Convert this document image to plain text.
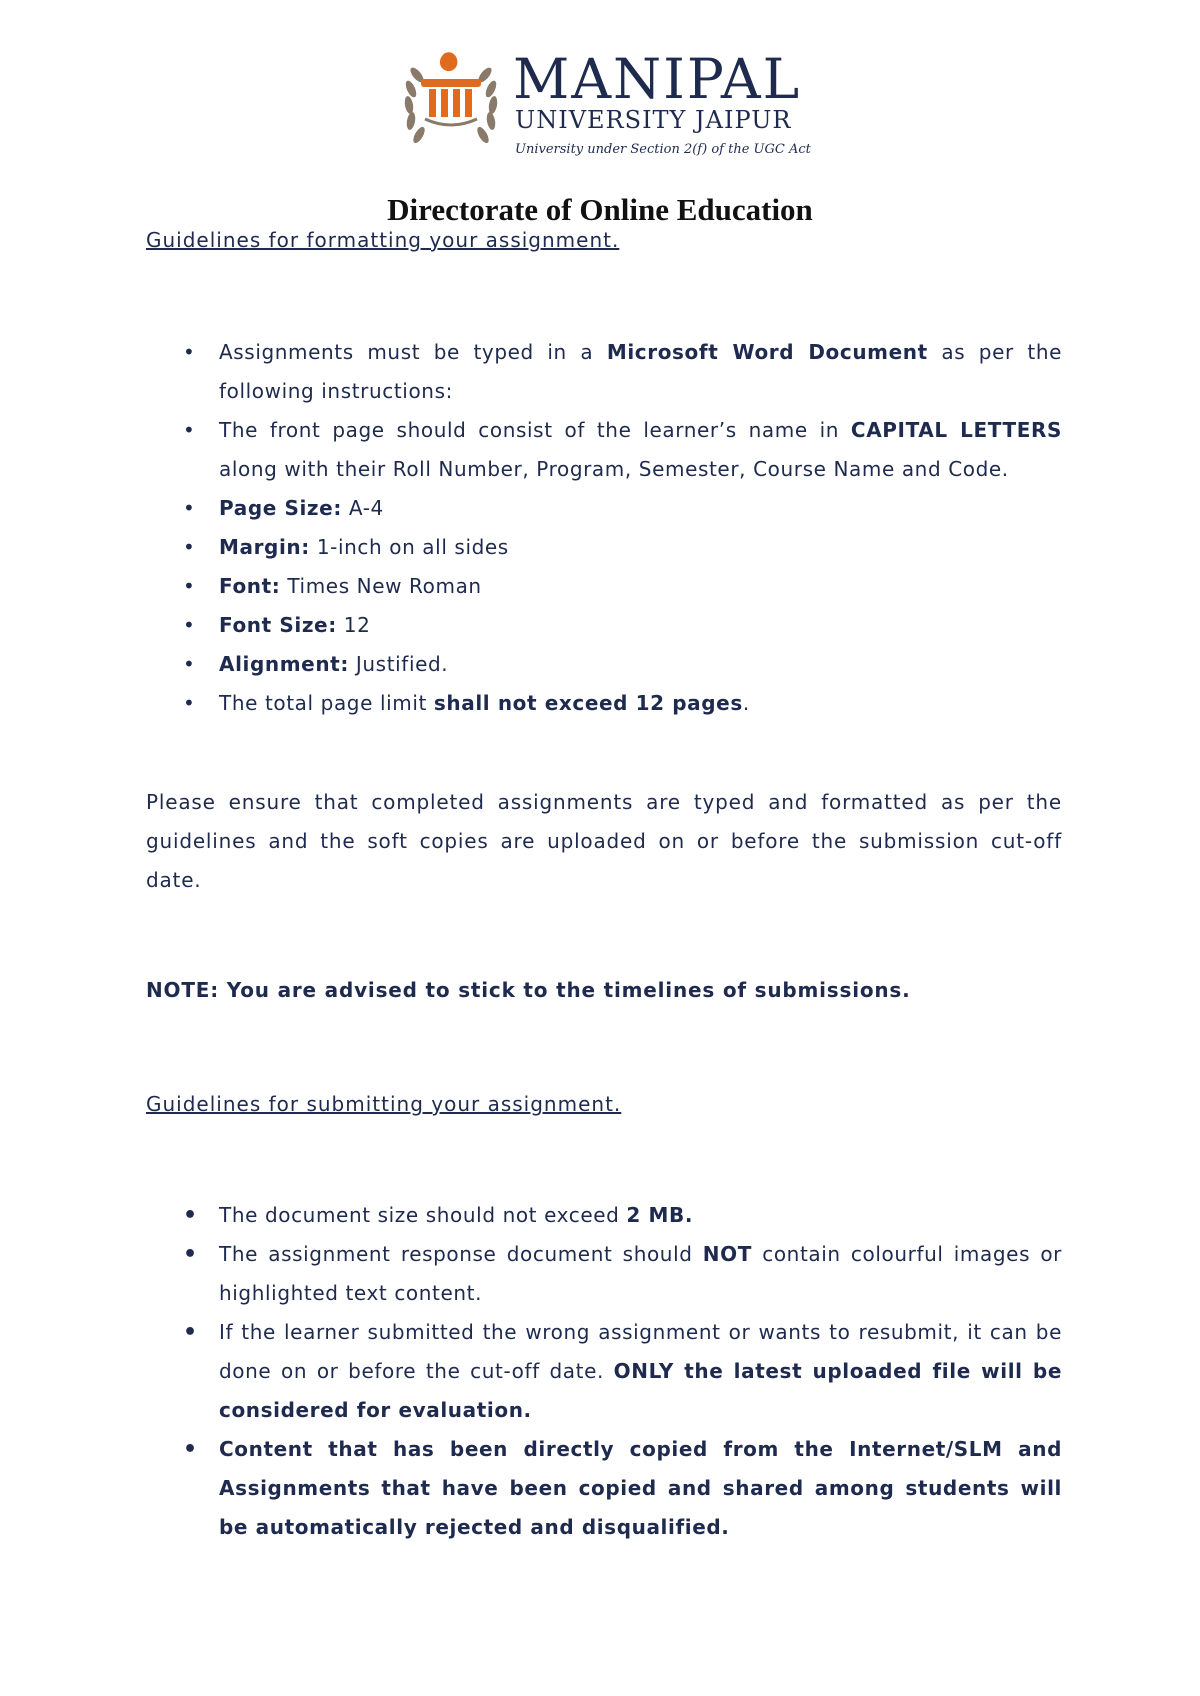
MANIPAL
UNIVERSITY JAIPUR
University under Section 2(f) of the UGC Act
Directorate of Online Education
Guidelines for formatting your assignment.
• Assignments must be typed in a Microsoft Word Document as per the following instructions:
• The front page should consist of the learner’s name in CAPITAL LETTERS along with their Roll Number, Program, Semester, Course Name and Code.
• Page Size: A-4
• Margin: 1-inch on all sides
• Font: Times New Roman
• Font Size: 12
• Alignment: Justified.
• The total page limit shall not exceed 12 pages.
Please ensure that completed assignments are typed and formatted as per the guidelines and the soft copies are uploaded on or before the submission cut-off date.
NOTE: You are advised to stick to the timelines of submissions.
Guidelines for submitting your assignment.
• The document size should not exceed 2 MB.
• The assignment response document should NOT contain colourful images or highlighted text content.
• If the learner submitted the wrong assignment or wants to resubmit, it can be done on or before the cut-off date. ONLY the latest uploaded file will be considered for evaluation.
• Content that has been directly copied from the Internet/SLM and Assignments that have been copied and shared among students will be automatically rejected and disqualified.
